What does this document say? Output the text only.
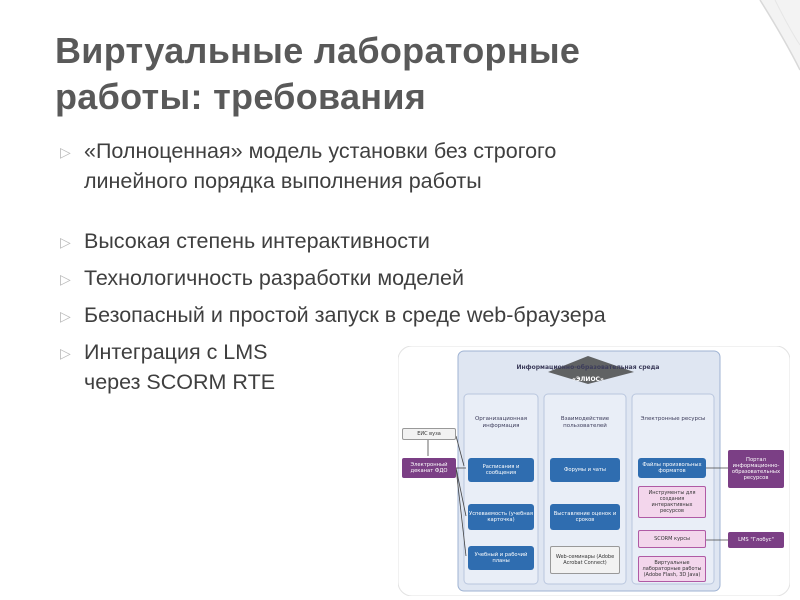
Виртуальные лабораторные работы: требования
▷ «Полноценная» модель установки без строгого
линейного порядка выполнения работы
▷ Высокая степень интерактивности
▷ Технологичность разработки моделей
▷ Безопасный и простой запуск в среде web-браузера
▷ Интеграция с LMS
через SCORM RTE
Информационно-образовательная среда
«ЭЛИОС»
Организационная информация
Взаимодействие пользователей
Электронные ресурсы
ЕИС вуза
Электронный деканат ФДО
Расписания и сообщения
Успеваемость (учебная карточка)
Учебный и рабочий планы
Форумы и чаты
Выставление оценок и сроков
Web-семинары (Adobe Acrobat Connect)
Файлы произвольных форматов
Инструменты для создания интерактивных ресурсов
SCORM курсы
Виртуальные лабораторные работы (Adobe Flash, 3D Java)
Портал информационно-образовательных ресурсов
LMS "Глобус"
